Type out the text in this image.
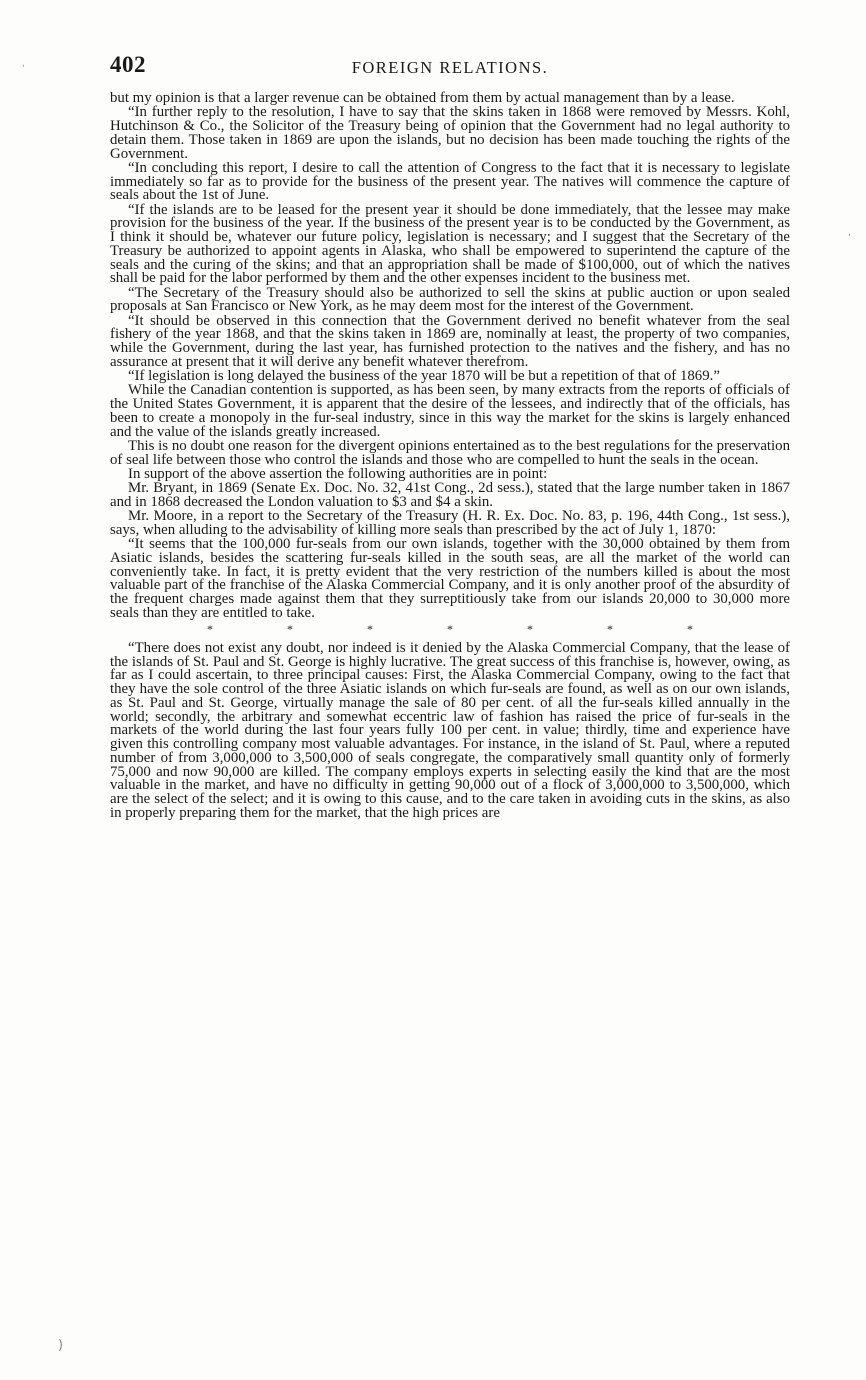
'
,
)
402	FOREIGN RELATIONS.

but my opinion is that a larger revenue can be obtained from them by actual management than by a lease.

“In further reply to the resolution, I have to say that the skins taken in 1868 were removed by Messrs. Kohl, Hutchinson & Co., the Solicitor of the Treasury being of opinion that the Government had no legal authority to detain them. Those taken in 1869 are upon the islands, but no decision has been made touching the rights of the Government.

“In concluding this report, I desire to call the attention of Congress to the fact that it is necessary to legislate immediately so far as to provide for the business of the present year. The natives will commence the capture of seals about the 1st of June.

“If the islands are to be leased for the present year it should be done immediately, that the lessee may make provision for the business of the year. If the business of the present year is to be conducted by the Government, as I think it should be, whatever our future policy, legislation is necessary; and I suggest that the Secretary of the Treasury be authorized to appoint agents in Alaska, who shall be empowered to superintend the capture of the seals and the curing of the skins; and that an appropriation shall be made of $100,000, out of which the natives shall be paid for the labor performed by them and the other expenses incident to the business met.

“The Secretary of the Treasury should also be authorized to sell the skins at public auction or upon sealed proposals at San Francisco or New York, as he may deem most for the interest of the Government.

“It should be observed in this connection that the Government derived no benefit whatever from the seal fishery of the year 1868, and that the skins taken in 1869 are, nominally at least, the property of two companies, while the Government, during the last year, has furnished protection to the natives and the fishery, and has no assurance at present that it will derive any benefit whatever therefrom.

“If legislation is long delayed the business of the year 1870 will be but a repetition of that of 1869.”

While the Canadian contention is supported, as has been seen, by many extracts from the reports of officials of the United States Government, it is apparent that the desire of the lessees, and indirectly that of the officials, has been to create a monopoly in the fur-seal industry, since in this way the market for the skins is largely enhanced and the value of the islands greatly increased.

This is no doubt one reason for the divergent opinions entertained as to the best regulations for the preservation of seal life between those who control the islands and those who are compelled to hunt the seals in the ocean.

In support of the above assertion the following authorities are in point:

Mr. Bryant, in 1869 (Senate Ex. Doc. No. 32, 41st Cong., 2d sess.), stated that the large number taken in 1867 and in 1868 decreased the London valuation to $3 and $4 a skin.

Mr. Moore, in a report to the Secretary of the Treasury (H. R. Ex. Doc. No. 83, p. 196, 44th Cong., 1st sess.), says, when alluding to the advisability of killing more seals than prescribed by the act of July 1, 1870:

“It seems that the 100,000 fur-seals from our own islands, together with the 30,000 obtained by them from Asiatic islands, besides the scattering fur-seals killed in the south seas, are all the market of the world can conveniently take. In fact, it is pretty evident that the very restriction of the numbers killed is about the most valuable part of the franchise of the Alaska Commercial Company, and it is only another proof of the absurdity of the frequent charges made against them that they surreptitiously take from our islands 20,000 to 30,000 more seals than they are entitled to take.

*	*	*	*	*	*	*

“There does not exist any doubt, nor indeed is it denied by the Alaska Commercial Company, that the lease of the islands of St. Paul and St. George is highly lucrative. The great success of this franchise is, however, owing, as far as I could ascertain, to three principal causes: First, the Alaska Commercial Company, owing to the fact that they have the sole control of the three Asiatic islands on which fur-seals are found, as well as on our own islands, as St. Paul and St. George, virtually manage the sale of 80 per cent. of all the fur-seals killed annually in the world; secondly, the arbitrary and somewhat eccentric law of fashion has raised the price of fur-seals in the markets of the world during the last four years fully 100 per cent. in value; thirdly, time and experience have given this controlling company most valuable advantages. For instance, in the island of St. Paul, where a reputed number of from 3,000,000 to 3,500,000 of seals congregate, the comparatively small quantity only of formerly 75,000 and now 90,000 are killed. The company employs experts in selecting easily the kind that are the most valuable in the market, and have no difficulty in getting 90,000 out of a flock of 3,000,000 to 3,500,000, which are the select of the select; and it is owing to this cause, and to the care taken in avoiding cuts in the skins, as also in properly preparing them for the market, that the high prices are
